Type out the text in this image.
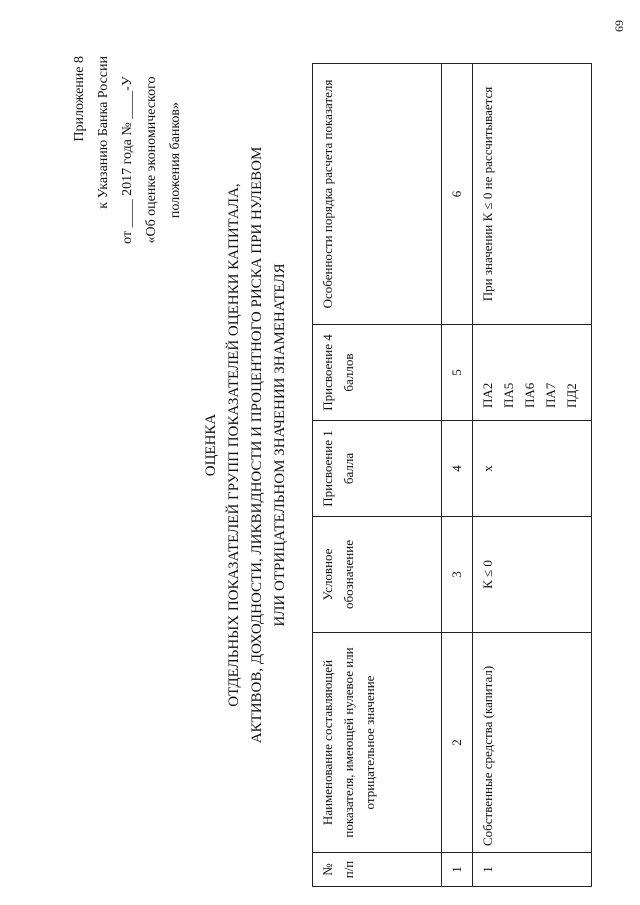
Приложение 8 к Указанию Банка России от ____ 2017 года № ____-У «Об оценке экономического положения банков»
ОЦЕНКА ОТДЕЛЬНЫХ ПОКАЗАТЕЛЕЙ ГРУПП ПОКАЗАТЕЛЕЙ ОЦЕНКИ КАПИТАЛА, АКТИВОВ, ДОХОДНОСТИ, ЛИКВИДНОСТИ И ПРОЦЕНТНОГО РИСКА ПРИ НУЛЕВОМ ИЛИ ОТРИЦАТЕЛЬНОМ ЗНАЧЕНИИ ЗНАМЕНАТЕЛЯ
№ п/п	Наименование составляющей показателя, имеющей нулевое или отрицательное значение	Условное обозначение	Присвоение 1 балла	Присвоение 4 баллов	Особенности порядка расчета показателя
1	2	3	4	5	6
1	Собственные средства (капитал)	К ≤ 0	х	ПА2 ПА5 ПА6 ПА7 ПД2	При значении К ≤ 0 не рассчитывается
69
